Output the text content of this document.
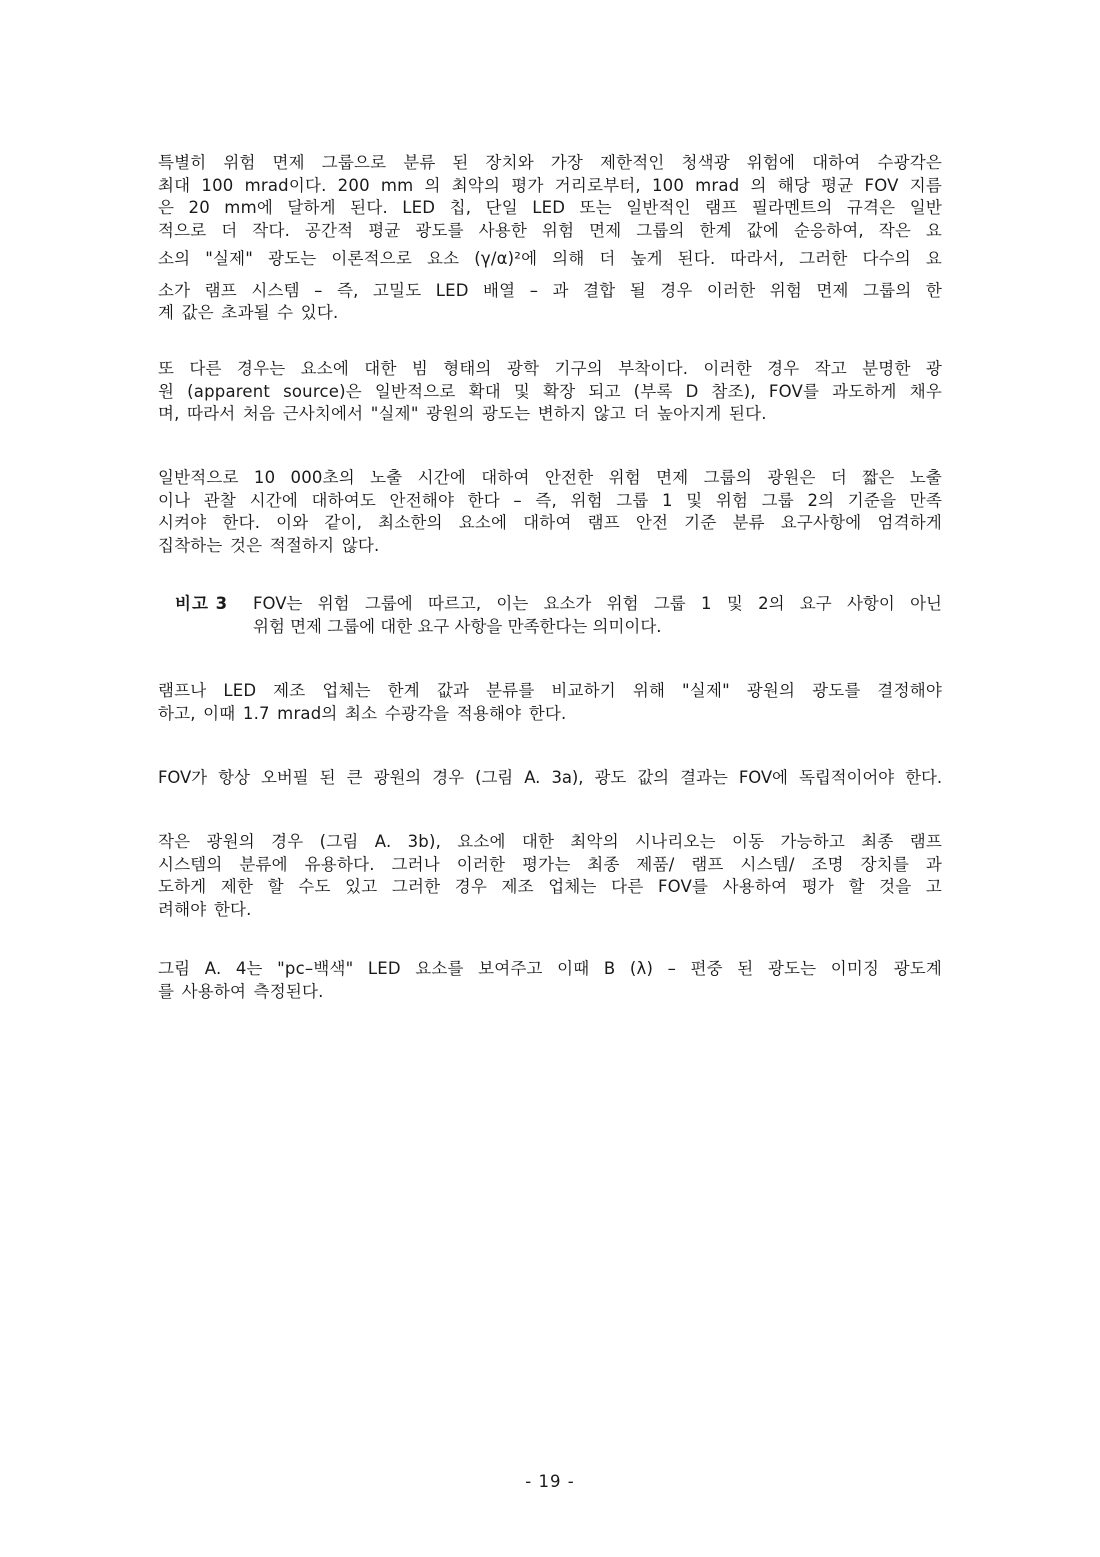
특별히 위험 면제 그룹으로 분류 된 장치와 가장 제한적인 청색광 위험에 대하여 수광각은
최대 100 mrad이다. 200 mm 의 최악의 평가 거리로부터, 100 mrad 의 해당 평균 FOV 지름
은 20 mm에 달하게 된다. LED 칩, 단일 LED 또는 일반적인 램프 필라멘트의 규격은 일반
적으로 더 작다. 공간적 평균 광도를 사용한 위험 면제 그룹의 한계 값에 순응하여, 작은 요
소의 "실제" 광도는 이론적으로 요소 (γ/α)²에 의해 더 높게 된다. 따라서, 그러한 다수의 요
소가 램프 시스템 – 즉, 고밀도 LED 배열 – 과 결합 될 경우 이러한 위험 면제 그룹의 한
계 값은 초과될 수 있다.
또 다른 경우는 요소에 대한 빔 형태의 광학 기구의 부착이다. 이러한 경우 작고 분명한 광
원 (apparent source)은 일반적으로 확대 및 확장 되고 (부록 D 참조), FOV를 과도하게 채우
며, 따라서 처음 근사치에서 "실제" 광원의 광도는 변하지 않고 더 높아지게 된다.
일반적으로 10 000초의 노출 시간에 대하여 안전한 위험 면제 그룹의 광원은 더 짧은 노출
이나 관찰 시간에 대하여도 안전해야 한다 – 즉, 위험 그룹 1 및 위험 그룹 2의 기준을 만족
시켜야 한다. 이와 같이, 최소한의 요소에 대하여 램프 안전 기준 분류 요구사항에 엄격하게
집착하는 것은 적절하지 않다.
비고 3 FOV는 위험 그룹에 따르고, 이는 요소가 위험 그룹 1 및 2의 요구 사항이 아닌
위험 면제 그룹에 대한 요구 사항을 만족한다는 의미이다.
램프나 LED 제조 업체는 한계 값과 분류를 비교하기 위해 "실제" 광원의 광도를 결정해야
하고, 이때 1.7 mrad의 최소 수광각을 적용해야 한다.
FOV가 항상 오버필 된 큰 광원의 경우 (그림 A. 3a), 광도 값의 결과는 FOV에 독립적이어야 한다.
작은 광원의 경우 (그림 A. 3b), 요소에 대한 최악의 시나리오는 이동 가능하고 최종 램프
시스템의 분류에 유용하다. 그러나 이러한 평가는 최종 제품/ 램프 시스템/ 조명 장치를 과
도하게 제한 할 수도 있고 그러한 경우 제조 업체는 다른 FOV를 사용하여 평가 할 것을 고
려해야 한다.
그림 A. 4는 "pc–백색" LED 요소를 보여주고 이때 B (λ) – 편중 된 광도는 이미징 광도계
를 사용하여 측정된다.
- 19 -
